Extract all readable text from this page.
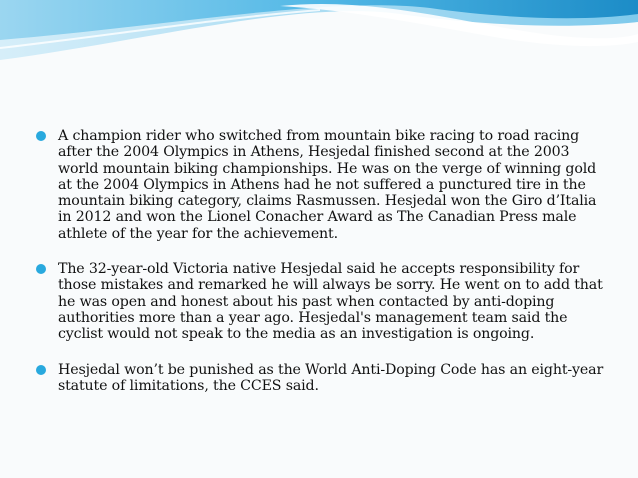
A champion rider who switched from mountain bike racing to road racing after the 2004 Olympics in Athens, Hesjedal finished second at the 2003 world mountain biking championships. He was on the verge of winning gold at the 2004 Olympics in Athens had he not suffered a punctured tire in the mountain biking category, claims Rasmussen. Hesjedal won the Giro d’Italia in 2012 and won the Lionel Conacher Award as The Canadian Press male athlete of the year for the achievement.
The 32-year-old Victoria native Hesjedal said he accepts responsibility for those mistakes and remarked he will always be sorry. He went on to add that he was open and honest about his past when contacted by anti-doping authorities more than a year ago. Hesjedal's management team said the cyclist would not speak to the media as an investigation is ongoing.
Hesjedal won’t be punished as the World Anti-Doping Code has an eight-year statute of limitations, the CCES said.
